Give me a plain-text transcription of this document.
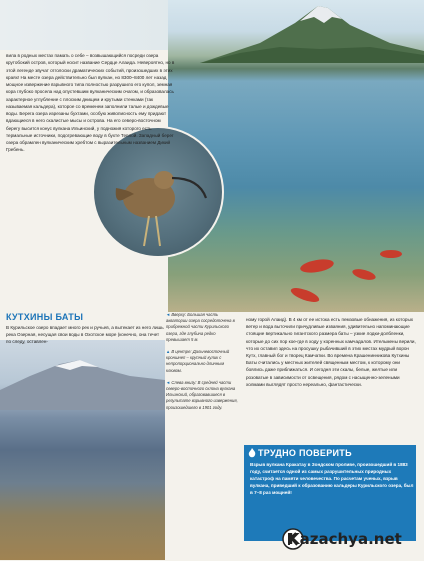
вила в родных местах памать о себе – возвышающийся посреди озера крутобокий остров, который носит название Сердце Алаида. Невероятно, но в этой легенде звучат отголоски драматических событий, произошедших в этих краях! На месте озера действительно был вулкан, но 8300–8400 лет назад мощное извержение взрывного типа полностью разрушило его купол, земная кора глубоко просела над опустевшим вулканическим очагом, и образовалась характерное углубление с плоским днищем и крутыми стенками (так называемая кальдера), которое со временем заполнили талые и дождевые воды. Берега озера изрезаны бухтами, особую живописность ему придают вдающиеся в него скалистые мысы и острова. На его северо-восточном берегу высится конус вулкана Ильинский, у подножия которого есть термальные источники, подогревающие воду в бухте Теплой. Западный берег озера обрамлен вулканическим хребтом с выразительным названием Дикий Гребень.

КУТХИНЫ БАТЫ
В Курильское озеро впадает много рек и ручьев, а вытекает из него лишь река Озерная, несущая свои воды в Охотское море (конечно, она течет по следу, оставлен-

◄ Вверху: Большая часть акватории озера сосредоточена в прибрежной части Курильского озера, где глубина редко превышает 5 м.

▲ В центре: Дальневосточный кроншнеп – крупный кулик с непропорционально длинным клювом.

◄ Слева внизу: В средней части северо-восточного склона вулкана Ильинский, образовавшиеся в результате взрывного извержения, произошедшего в 1901 году.

ному горой Алаид). В 4 км от ее истока есть пемзовые обнажения, из которых ветер и вода выточили причудливые изваяния, удивительно напоминающие стоящие вертикально гигантского размера баты – узкие лодки-долбленки, которые до сих пор кое-где в ходу у коренных камчадалов. Ительмены верили, что их оставил здесь на просушку рыбачивший в этих местах мудрый ворон Кутх, главный бог и творец Камчатки. Во времена Крашенинникова Кутхины Баты считались у местных жителей священным местом, к которому они боялись даже приближаться. И сегодня эти скалы, белые, желтые или розоватые в зависимости от освещения, рядом с насыщенно-зелеными холмами выглядят просто нереально, фантастически.
ТРУДНО ПОВЕРИТЬ
Взрыв вулкана Кракатау в Зондском проливе, произошедший в 1883 году, считается одной из самых разрушительных природных катастроф на памяти человечества. По расчетам ученых, взрыв вулкана, приведший к образованию кальдеры Курильского озера, был в 7–8 раз мощней!
Kazachya.net
